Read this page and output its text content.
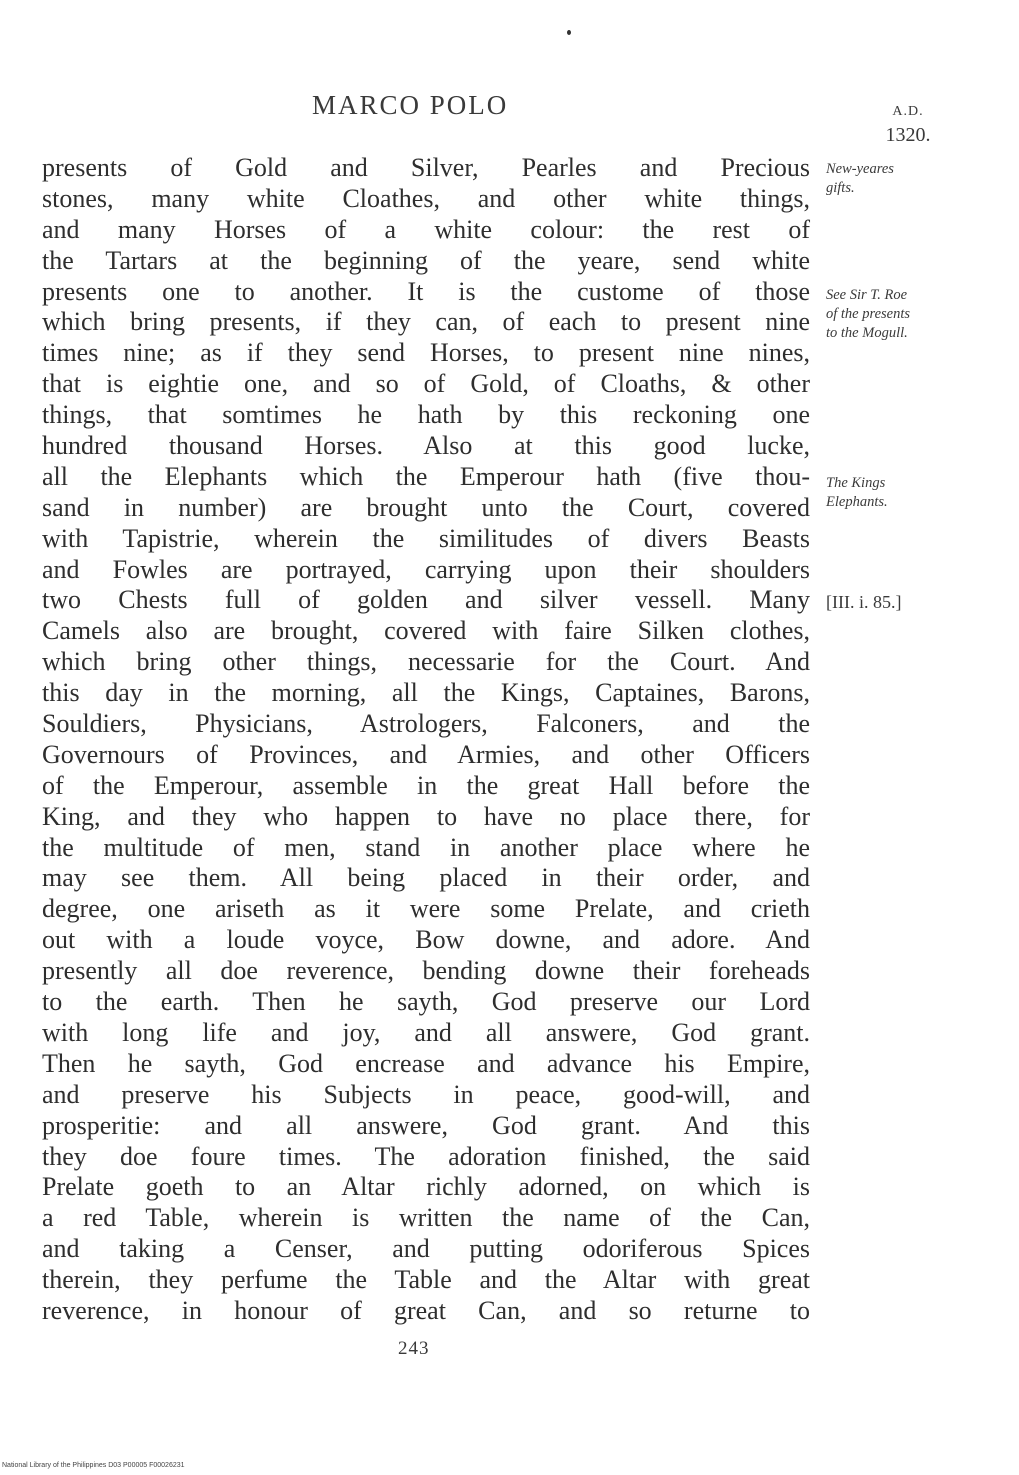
MARCO POLO	A.D.
1320.
presents of Gold and Silver, Pearles and Precious
stones, many white Cloathes, and other white things,
and many Horses of a white colour: the rest of
the Tartars at the beginning of the yeare, send white
presents one to another. It is the custome of those
which bring presents, if they can, of each to present nine
times nine; as if they send Horses, to present nine nines,
that is eightie one, and so of Gold, of Cloaths, & other
things, that somtimes he hath by this reckoning one
hundred thousand Horses. Also at this good lucke,
all the Elephants which the Emperour hath (five thou-
sand in number) are brought unto the Court, covered
with Tapistrie, wherein the similitudes of divers Beasts
and Fowles are portrayed, carrying upon their shoulders
two Chests full of golden and silver vessell. Many
Camels also are brought, covered with faire Silken clothes,
which bring other things, necessarie for the Court. And
this day in the morning, all the Kings, Captaines, Barons,
Souldiers, Physicians, Astrologers, Falconers, and the
Governours of Provinces, and Armies, and other Officers
of the Emperour, assemble in the great Hall before the
King, and they who happen to have no place there, for
the multitude of men, stand in another place where he
may see them. All being placed in their order, and
degree, one ariseth as it were some Prelate, and crieth
out with a loude voyce, Bow downe, and adore. And
presently all doe reverence, bending downe their foreheads
to the earth. Then he sayth, God preserve our Lord
with long life and joy, and all answere, God grant.
Then he sayth, God encrease and advance his Empire,
and preserve his Subjects in peace, good-will, and
prosperitie: and all answere, God grant. And this
they doe foure times. The adoration finished, the said
Prelate goeth to an Altar richly adorned, on which is
a red Table, wherein is written the name of the Can,
and taking a Censer, and putting odoriferous Spices
therein, they perfume the Table and the Altar with great
reverence, in honour of great Can, and so returne to
New-yeares
gifts.
See Sir T. Roe
of the presents
to the Mogull.
The Kings
Elephants.
[III. i. 85.]
243
National Library of the Philippines D03 P00005 F00026231
